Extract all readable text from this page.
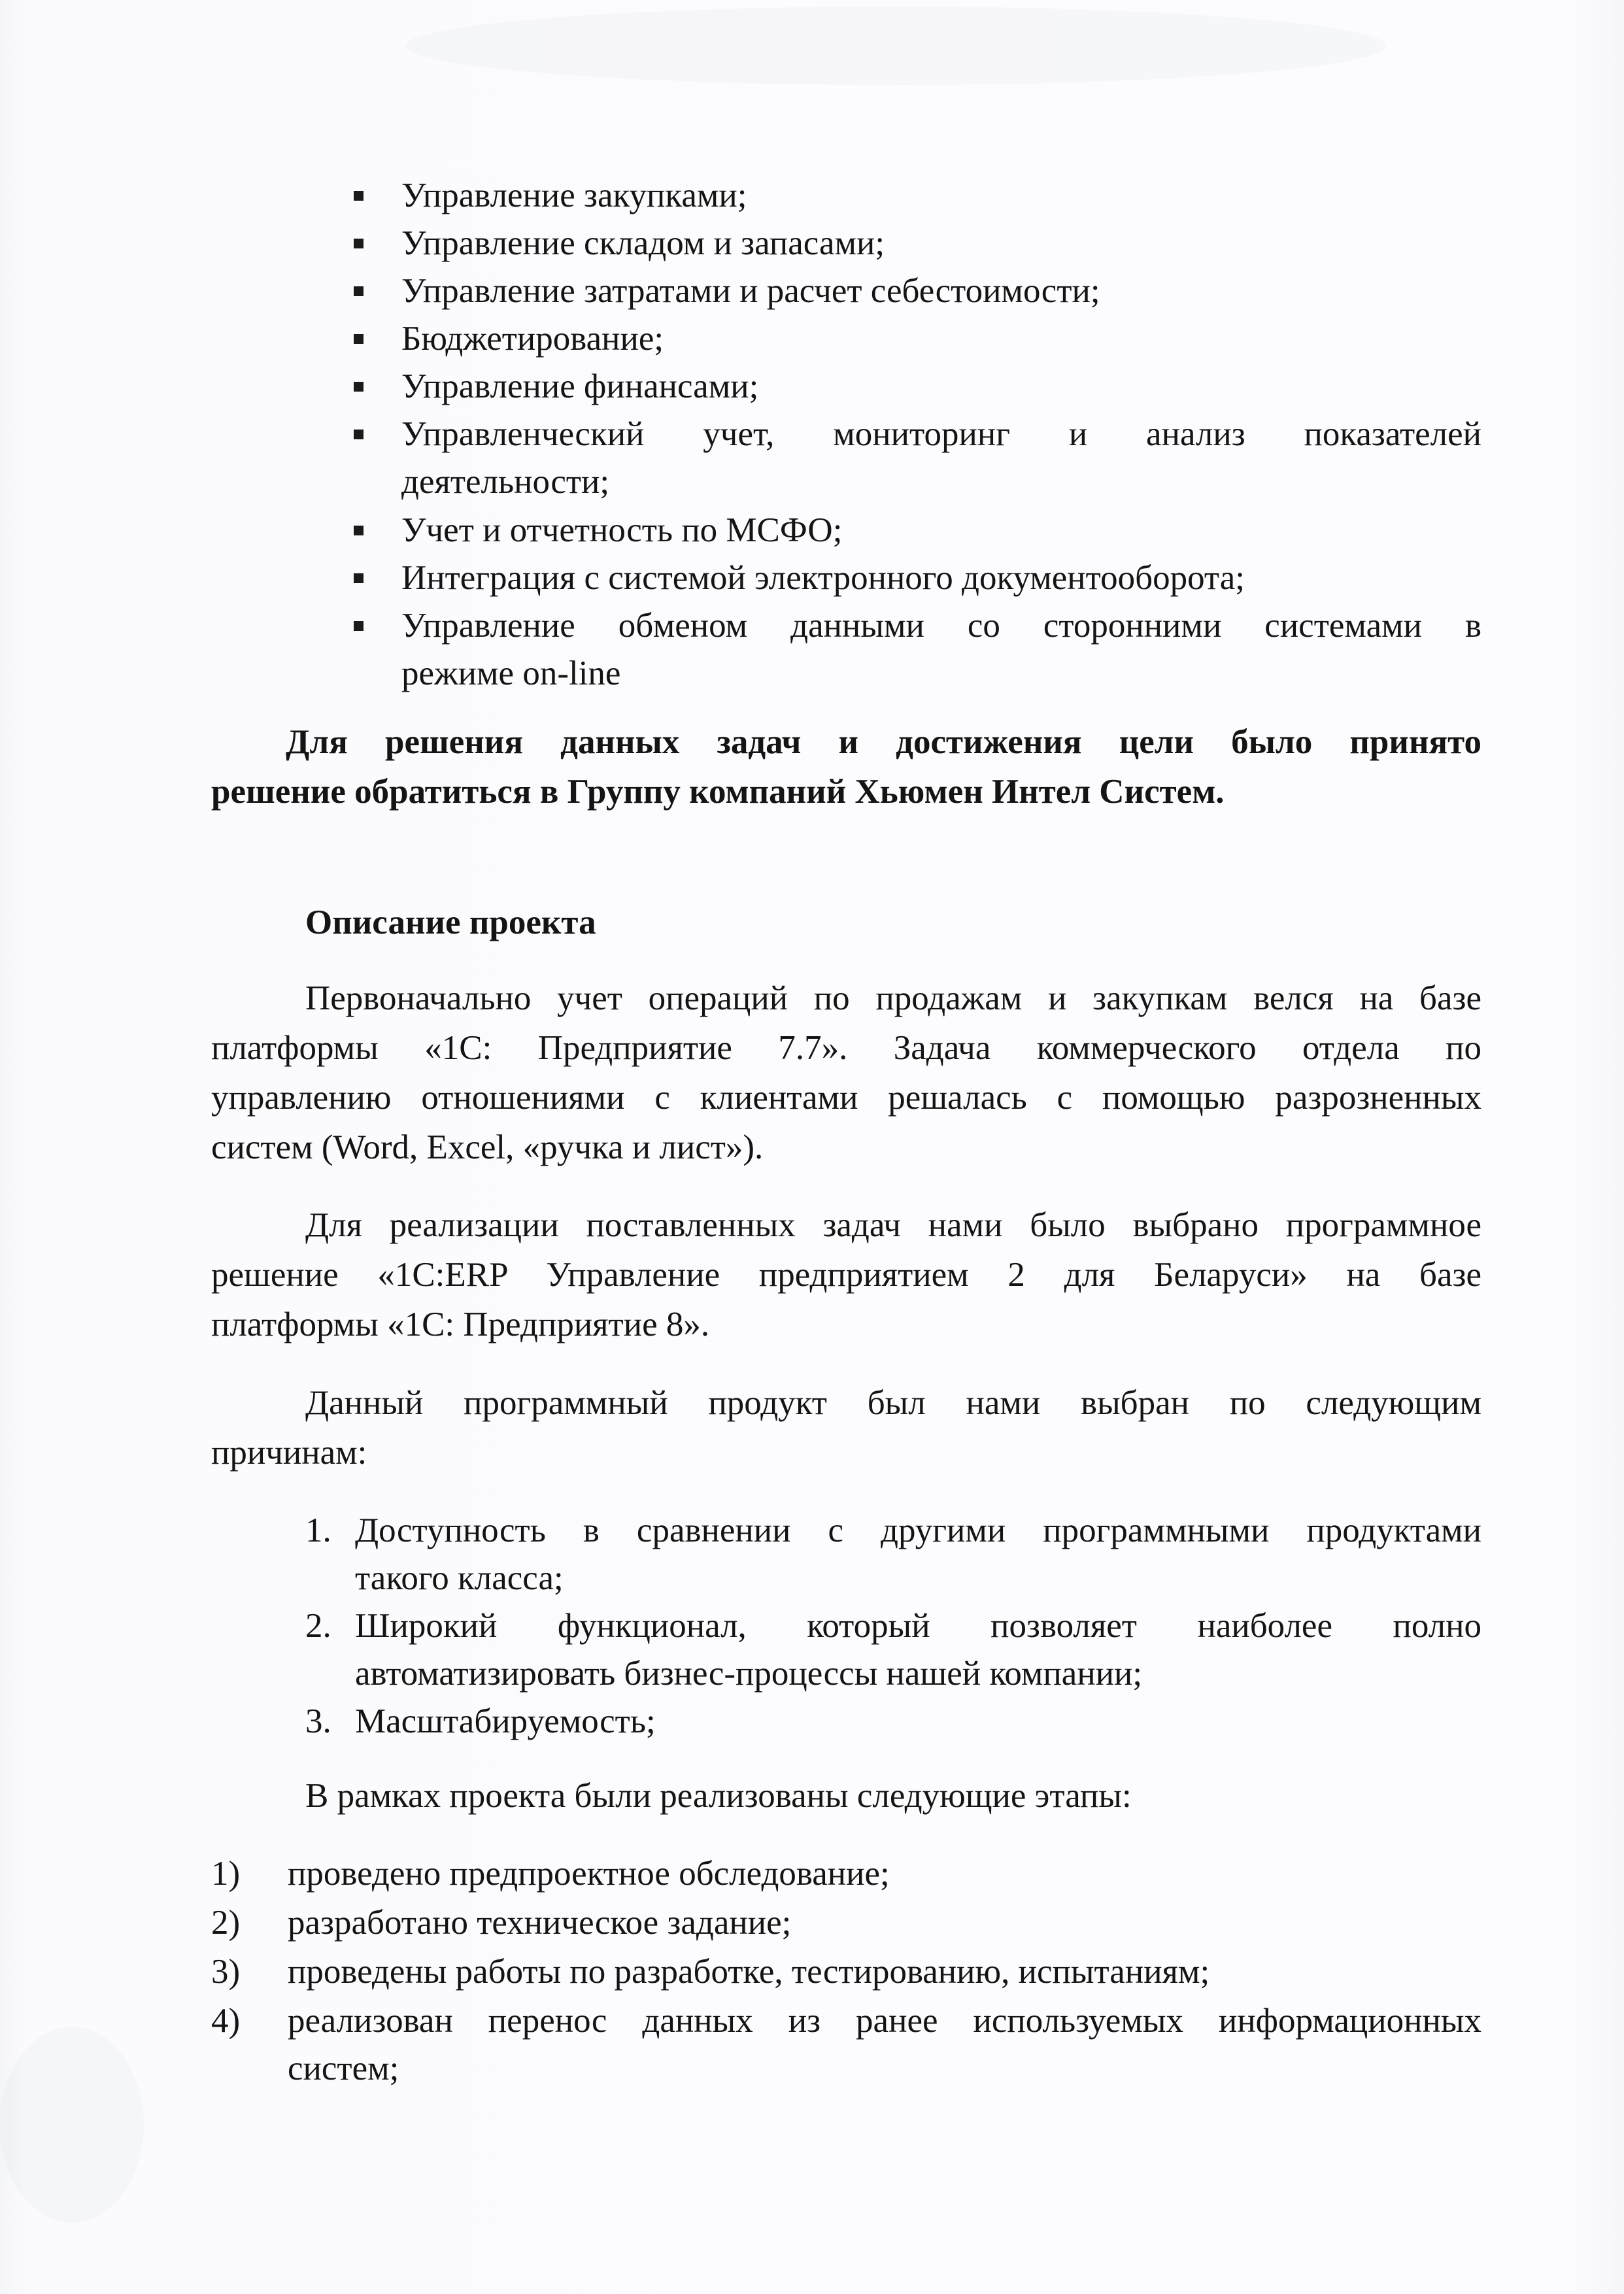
Управление закупками;
Управление складом и запасами;
Управление затратами и расчет себестоимости;
Бюджетирование;
Управление финансами;
Управленческий учет, мониторинг и анализ показателей
деятельности;
Учет и отчетность по МСФО;
Интеграция с системой электронного документооборота;
Управление обменом данными со сторонними системами в
режиме on-line
Для решения данных задач и достижения цели было принято
решение обратиться в Группу компаний Хьюмен Интел Систем.
Описание проекта
Первоначально учет операций по продажам и закупкам велся на базе
платформы «1С: Предприятие 7.7». Задача коммерческого отдела по
управлению отношениями с клиентами решалась с помощью разрозненных
систем (Word, Excel, «ручка и лист»).
Для реализации поставленных задач нами было выбрано программное
решение «1С:ERP Управление предприятием 2 для Беларуси» на базе
платформы «1С: Предприятие 8».
Данный программный продукт был нами выбран по следующим
причинам:
1. Доступность в сравнении с другими программными продуктами
такого класса;
2. Широкий функционал, который позволяет наиболее полно
автоматизировать бизнес-процессы нашей компании;
3. Масштабируемость;
В рамках проекта были реализованы следующие этапы:
1) проведено предпроектное обследование;
2) разработано техническое задание;
3) проведены работы по разработке, тестированию, испытаниям;
4) реализован перенос данных из ранее используемых информационных
систем;
